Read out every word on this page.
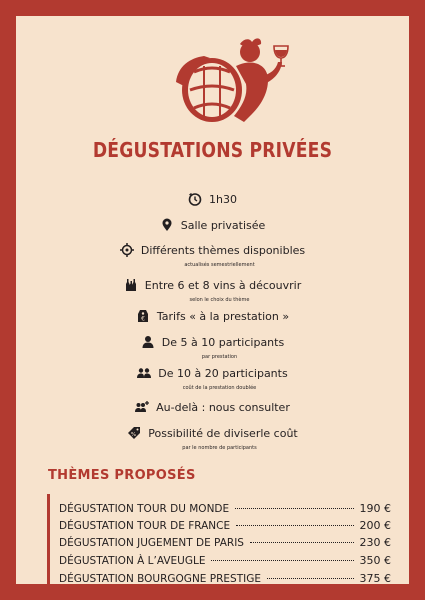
DÉGUSTATIONS PRIVÉES
1h30
Salle privatisée
Différents thèmes disponibles
actualisés semestriellement
Entre 6 et 8 vins à découvrir
selon le choix du thème
€ Tarifs « à la prestation »
De 5 à 10 participants
par prestation
De 10 à 20 participants
coût de la prestation doublée
Au-delà : nous consulter
% Possibilité de diviserle coût
par le nombre de participants
THÈMES PROPOSÉS
DÉGUSTATION TOUR DU MONDE	190 €
DÉGUSTATION TOUR DE FRANCE	200 €
DÉGUSTATION JUGEMENT DE PARIS	230 €
DÉGUSTATION À L’AVEUGLE	350 €
DÉGUSTATION BOURGOGNE PRESTIGE	375 €
